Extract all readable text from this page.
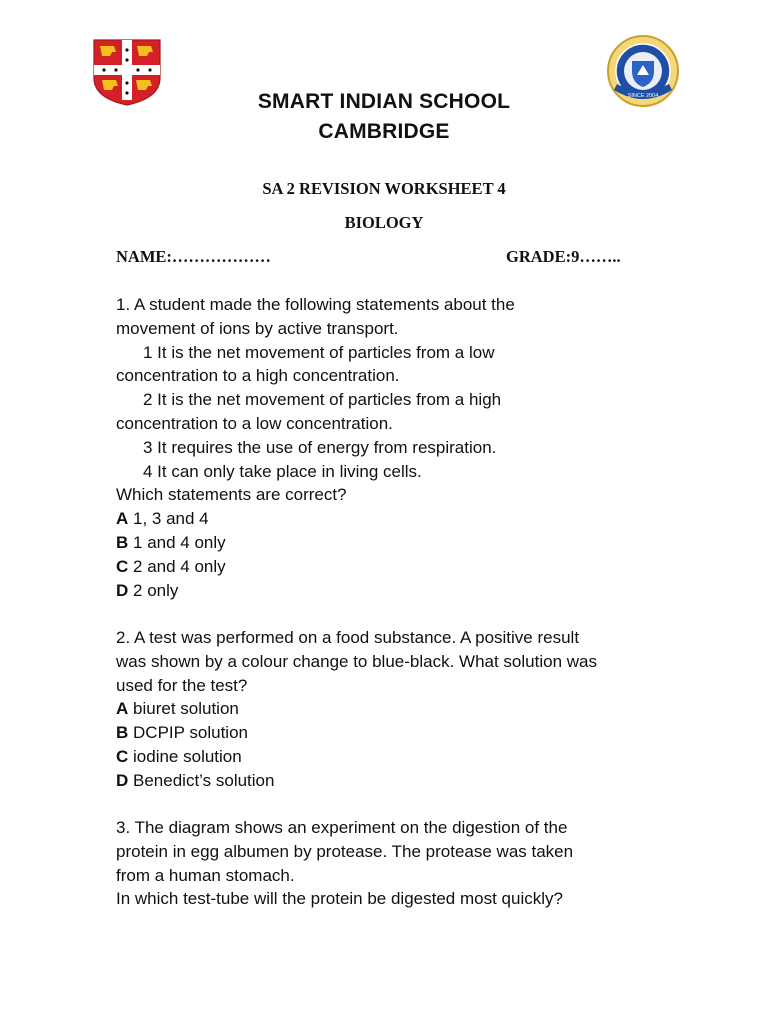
SINCE 2004
SMART INDIAN SCHOOL
CAMBRIDGE
SA 2 REVISION WORKSHEET 4
BIOLOGY
NAME:………………	GRADE:9……..
1. A student made the following statements about the
movement of ions by active transport.
1 It is the net movement of particles from a low
concentration to a high concentration.
2 It is the net movement of particles from a high
concentration to a low concentration.
3 It requires the use of energy from respiration.
4 It can only take place in living cells.
Which statements are correct?
A 1, 3 and 4
B 1 and 4 only
C 2 and 4 only
D 2 only
2. A test was performed on a food substance. A positive result
was shown by a colour change to blue-black. What solution was
used for the test?
A biuret solution
B DCPIP solution
C iodine solution
D Benedict’s solution
3. The diagram shows an experiment on the digestion of the
protein in egg albumen by protease. The protease was taken
from a human stomach.
In which test-tube will the protein be digested most quickly?
